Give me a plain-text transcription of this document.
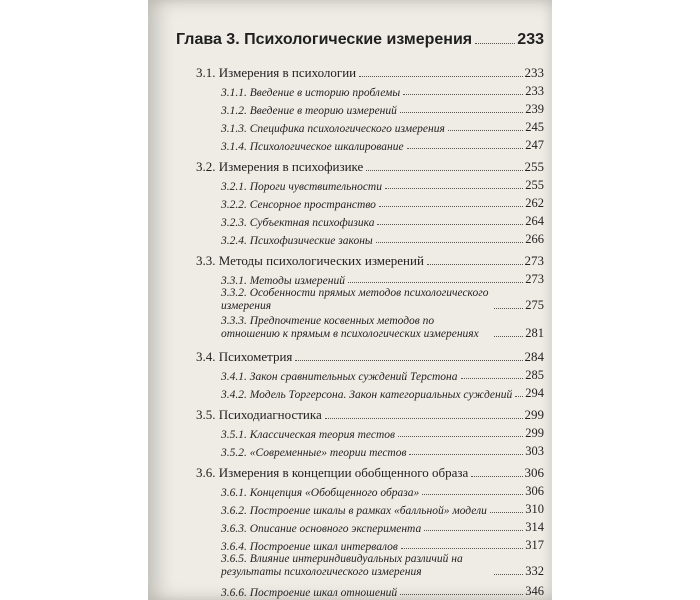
Глава 3. Психологические измерения	233
3.1. Измерения в психологии	233
3.1.1. Введение в историю проблемы	233
3.1.2. Введение в теорию измерений	239
3.1.3. Специфика психологического измерения	245
3.1.4. Психологическое шкалирование	247
3.2. Измерения в психофизике	255
3.2.1. Пороги чувствительности	255
3.2.2. Сенсорное пространство	262
3.2.3. Субъектная психофизика	264
3.2.4. Психофизические законы	266
3.3. Методы психологических измерений	273
3.3.1. Методы измерений	273
3.3.2. Особенности прямых методов психологического измерения	275
3.3.3. Предпочтение косвенных методов по отношению к прямым в психологических измерениях	281
3.4. Психометрия	284
3.4.1. Закон сравнительных суждений Терстона	285
3.4.2. Модель Торгерсона. Закон категориальных суждений 294
3.5. Психодиагностика	299
3.5.1. Классическая теория тестов	299
3.5.2. «Современные» теории тестов	303
3.6. Измерения в концепции обобщенного образа	306
3.6.1. Концепция «Обобщенного образа»	306
3.6.2. Построение шкалы в рамках «балльной» модели	310
3.6.3. Описание основного эксперимента	314
3.6.4. Построение шкал интервалов	317
3.6.5. Влияние интериндивидуальных различий на результаты психологического измерения	332
3.6.6. Построение шкал отношений	346
